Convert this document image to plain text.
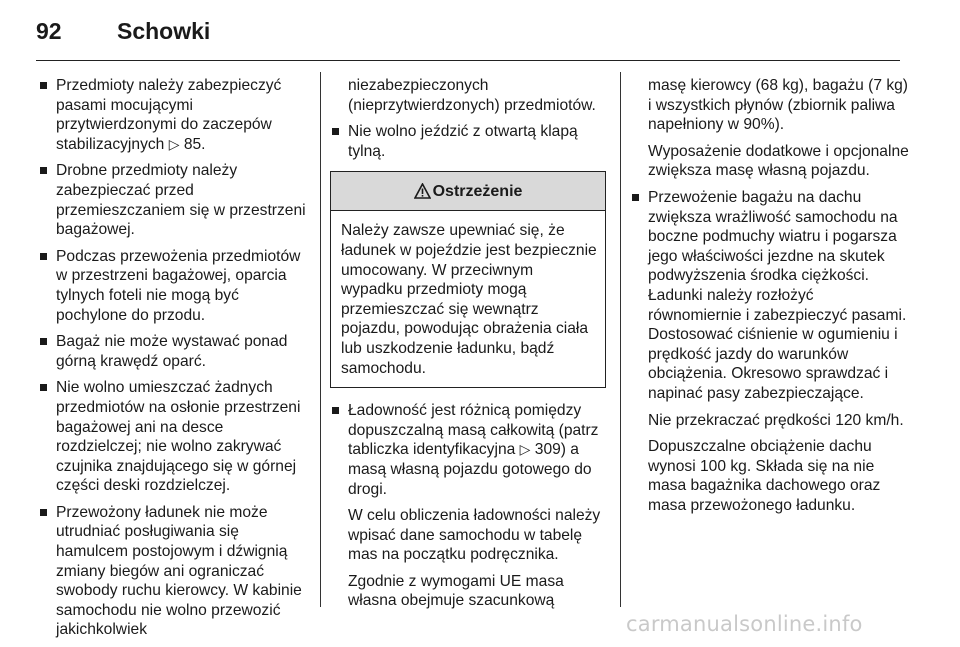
92	Schowki
Przedmioty należy zabezpieczyć pasami mocującymi przytwierdzonymi do zaczepów stabilizacyjnych ▷ 85.
Drobne przedmioty należy zabezpieczać przed przemieszczaniem się w przestrzeni bagażowej.
Podczas przewożenia przedmiotów w przestrzeni bagażowej, oparcia tylnych foteli nie mogą być pochylone do przodu.
Bagaż nie może wystawać ponad górną krawędź oparć.
Nie wolno umieszczać żadnych przedmiotów na osłonie przestrzeni bagażowej ani na desce rozdzielczej; nie wolno zakrywać czujnika znajdującego się w górnej części deski rozdzielczej.
Przewożony ładunek nie może utrudniać posługiwania się hamulcem postojowym i dźwignią zmiany biegów ani ograniczać swobody ruchu kierowcy. W kabinie samochodu nie wolno przewozić jakichkolwiek
niezabezpieczonych (nieprzytwierdzonych) przedmiotów.
Nie wolno jeździć z otwartą klapą tylną.
Ostrzeżenie
Należy zawsze upewniać się, że ładunek w pojeździe jest bezpiecznie umocowany. W przeciwnym wypadku przedmioty mogą przemieszczać się wewnątrz pojazdu, powodując obrażenia ciała lub uszkodzenie ładunku, bądź samochodu.
Ładowność jest różnicą pomiędzy dopuszczalną masą całkowitą (patrz tabliczka identyfikacyjna ▷ 309) a masą własną pojazdu gotowego do drogi.
W celu obliczenia ładowności należy wpisać dane samochodu w tabelę mas na początku podręcznika.
Zgodnie z wymogami UE masa własna obejmuje szacunkową
masę kierowcy (68 kg), bagażu (7 kg) i wszystkich płynów (zbiornik paliwa napełniony w 90%).
Wyposażenie dodatkowe i opcjonalne zwiększa masę własną pojazdu.
Przewożenie bagażu na dachu zwiększa wrażliwość samochodu na boczne podmuchy wiatru i pogarsza jego właściwości jezdne na skutek podwyższenia środka ciężkości. Ładunki należy rozłożyć równomiernie i zabezpieczyć pasami. Dostosować ciśnienie w ogumieniu i prędkość jazdy do warunków obciążenia. Okresowo sprawdzać i napinać pasy zabezpieczające.
Nie przekraczać prędkości 120 km/h.
Dopuszczalne obciążenie dachu wynosi 100 kg. Składa się na nie masa bagażnika dachowego oraz masa przewożonego ładunku.
carmanualsonline.info
